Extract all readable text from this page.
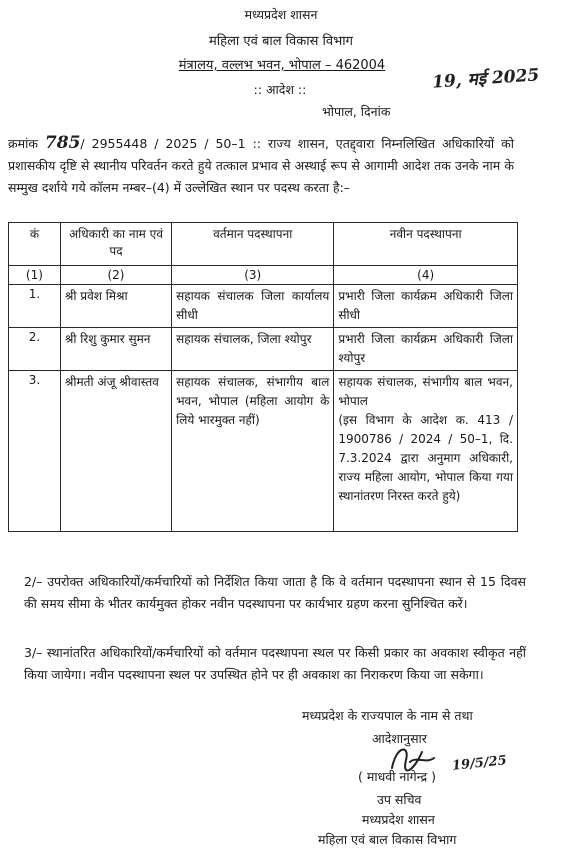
मध्यप्रदेश शासन
महिला एवं बाल विकास विभाग
मंत्रालय, वल्लभ भवन, भोपाल – 462004	19, मई 2025
:: आदेश ::
भोपाल, दिनांक
क्रमांक 785/ 2955448 / 2025 / 50–1 :: राज्य शासन, एतद्द्वारा निम्नलिखित अधिकारियों को प्रशासकीय दृष्टि से स्थानीय परिवर्तन करते हुये तत्काल प्रभाव से अस्थाई रूप से आगामी आदेश तक उनके नाम के सम्मुख दर्शाये गये कॉलम नम्बर–(4) में उल्लेखित स्थान पर पदस्थ करता है:–
कं	अधिकारी का नाम एवं पद	वर्तमान पदस्थापना	नवीन पदस्थापना
(1)	(2)	(3)	(4)
1.	श्री प्रवेश मिश्रा	सहायक संचालक जिला कार्यालय सीधी	प्रभारी जिला कार्यक्रम अधिकारी जिला सीधी
2.	श्री रिशु कुमार सुमन	सहायक संचालक, जिला श्योपुर	प्रभारी जिला कार्यक्रम अधिकारी जिला श्योपुर
3.	श्रीमती अंजू श्रीवास्तव	सहायक संचालक, संभागीय बाल भवन, भोपाल (महिला आयोग के लिये भारमुक्त नहीं)	सहायक संचालक, संभागीय बाल भवन, भोपाल
(इस विभाग के आदेश क. 413 / 1900786 / 2024 / 50–1, दि. 7.3.2024 द्वारा अनुमाग अधिकारी, राज्य महिला आयोग, भोपाल किया गया स्थानांतरण निरस्त करते हुये)
2/– उपरोक्त अधिकारियों/कर्मचारियों को निर्देशित किया जाता है कि वे वर्तमान पदस्थापना स्थान से 15 दिवस की समय सीमा के भीतर कार्यमुक्त होकर नवीन पदस्थापना पर कार्यभार ग्रहण करना सुनिश्चित करें।
3/– स्थानांतरित अधिकारियों/कर्मचारियों को वर्तमान पदस्थापना स्थल पर किसी प्रकार का अवकाश स्वीकृत नहीं किया जायेगा। नवीन पदस्थापना स्थल पर उपस्थित होने पर ही अवकाश का निराकरण किया जा सकेगा।
मध्यप्रदेश के राज्यपाल के नाम से तथा
आदेशानुसार
( माधवी नागेन्द्र )
19/5/25
उप सचिव
मध्यप्रदेश शासन
महिला एवं बाल विकास विभाग
